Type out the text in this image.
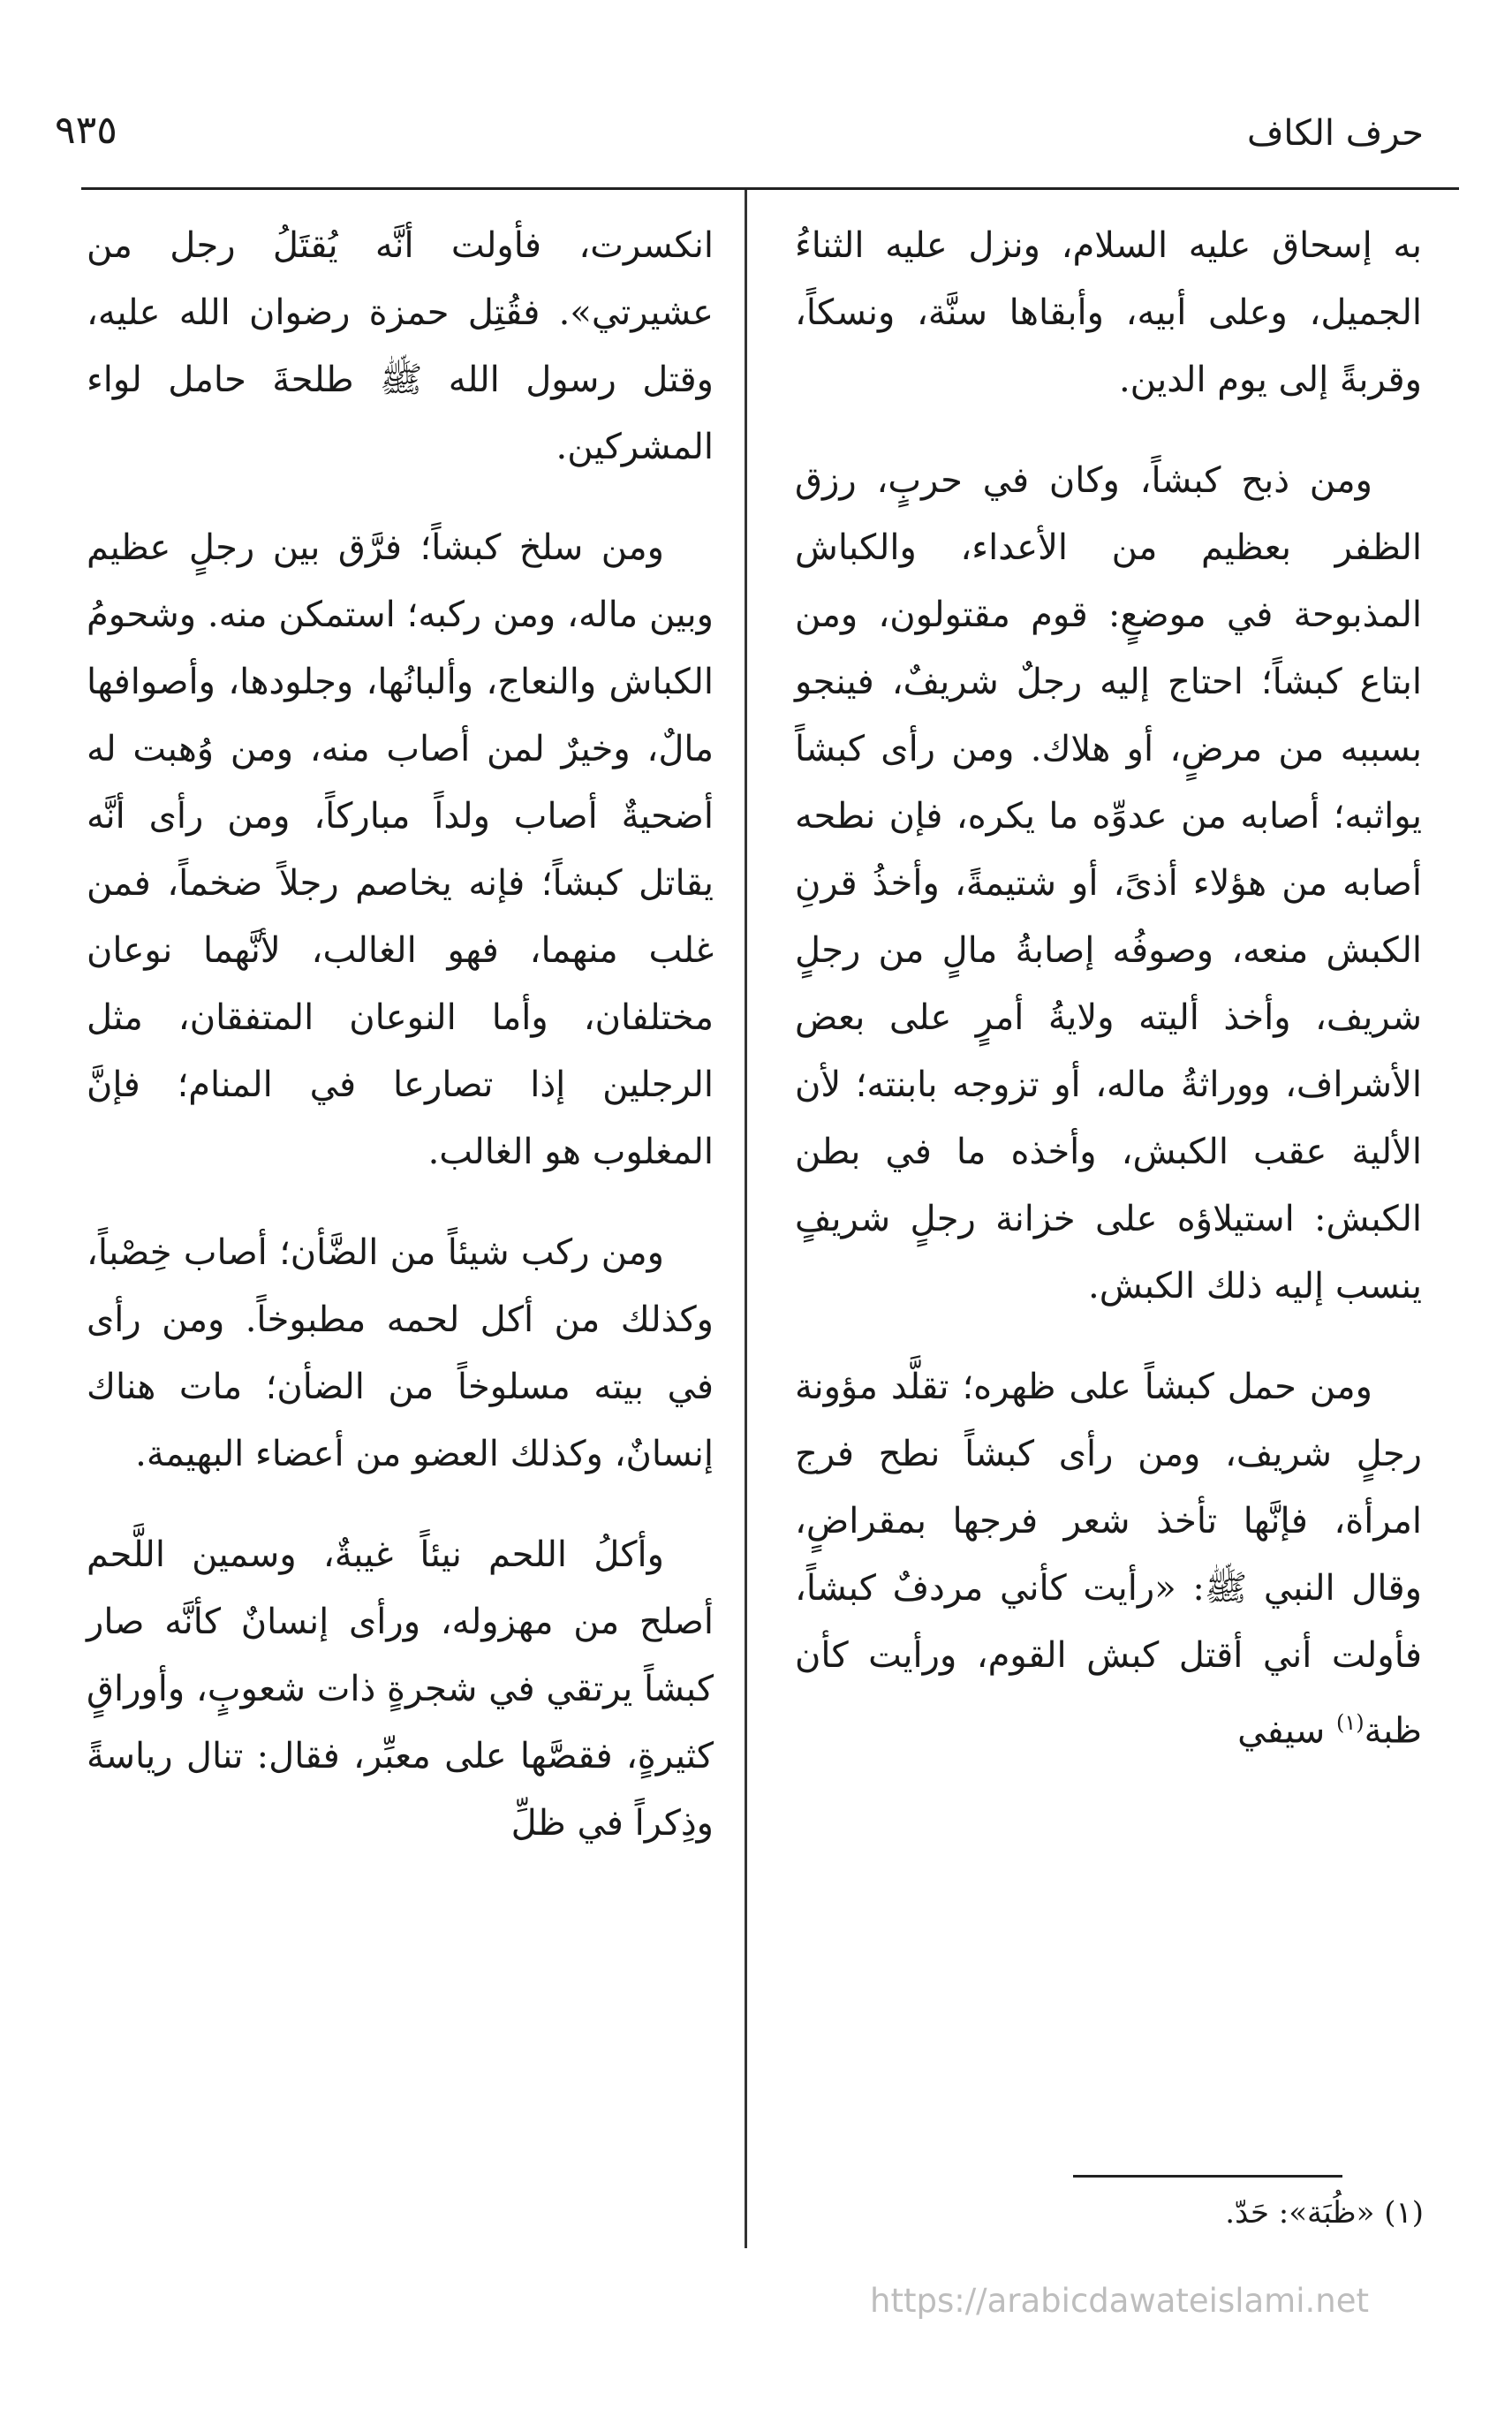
حرف الكاف
٩٣٥

به إسحاق عليه السلام، ونزل عليه الثناءُ الجميل، وعلى أبيه، وأبقاها سنَّة، ونسكاً، وقربةً إلى يوم الدين.

ومن ذبح كبشاً، وكان في حربٍ، رزق الظفر بعظيم من الأعداء، والكباش المذبوحة في موضعٍ: قوم مقتولون، ومن ابتاع كبشاً؛ احتاج إليه رجلٌ شريفٌ، فينجو بسببه من مرضٍ، أو هلاك. ومن رأى كبشاً يواثبه؛ أصابه من عدوِّه ما يكره، فإن نطحه أصابه من هؤلاء أذىً، أو شتيمةً، وأخذُ قرنِ الكبش منعه، وصوفُه إصابةُ مالٍ من رجلٍ شريف، وأخذ أليته ولايةُ أمرٍ على بعض الأشراف، ووراثةُ ماله، أو تزوجه بابنته؛ لأن الألية عقب الكبش، وأخذه ما في بطن الكبش: استيلاؤه على خزانة رجلٍ شريفٍ ينسب إليه ذلك الكبش.

ومن حمل كبشاً على ظهره؛ تقلَّد مؤونة رجلٍ شريف، ومن رأى كبشاً نطح فرج امرأة، فإنَّها تأخذ شعر فرجها بمقراضٍ، وقال النبي ﷺ: «رأيت كأني مردفٌ كبشاً، فأولت أني أقتل كبش القوم، ورأيت كأن ظبة$^{(١)}$ سيفي

انكسرت، فأولت أنَّه يُقتَلُ رجل من عشيرتي». فقُتِل حمزة رضوان الله عليه، وقتل رسول الله ﷺ طلحةَ حامل لواء المشركين.

ومن سلخ كبشاً؛ فرَّق بين رجلٍ عظيم وبين ماله، ومن ركبه؛ استمكن منه. وشحومُ الكباش والنعاج، وألبانُها، وجلودها، وأصوافها مالٌ، وخيرٌ لمن أصاب منه، ومن وُهبت له أضحيةٌ أصاب ولداً مباركاً، ومن رأى أنَّه يقاتل كبشاً؛ فإنه يخاصم رجلاً ضخماً، فمن غلب منهما، فهو الغالب، لأنَّهما نوعان مختلفان، وأما النوعان المتفقان، مثل الرجلين إذا تصارعا في المنام؛ فإنَّ المغلوب هو الغالب.

ومن ركب شيئاً من الضَّأن؛ أصاب خِصْباً، وكذلك من أكل لحمه مطبوخاً. ومن رأى في بيته مسلوخاً من الضأن؛ مات هناك إنسانٌ، وكذلك العضو من أعضاء البهيمة.

وأكلُ اللحم نيئاً غيبةٌ، وسمين اللَّحم أصلح من مهزوله، ورأى إنسانٌ كأنَّه صار كبشاً يرتقي في شجرةٍ ذات شعوبٍ، وأوراقٍ كثيرةٍ، فقصَّها على معبِّر، فقال: تنال رياسةً وذِكراً في ظلِّ

(١) «ظُبَة»: حَدّ.
https://arabicdawateislami.net
